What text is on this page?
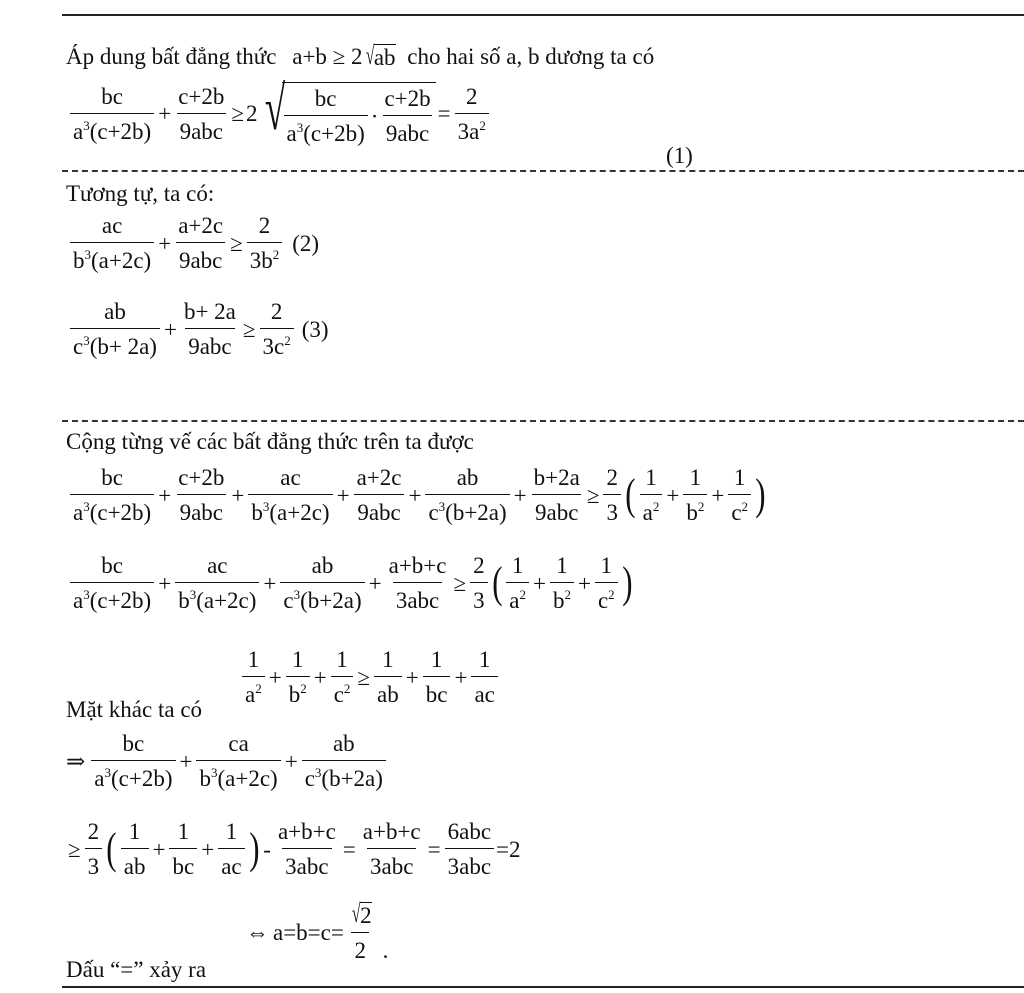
Áp dung bất đẳng thức a+b ≥ 2 √ ab cho hai số a, b dương ta có
$\frac{bc}{a^3(c+2b)} + \frac{c+2b}{\text{9abc}} \ge 2$ √
$\frac{bc}{a^3(c+2b)} \cdot \frac{c+2b}{\text{9abc}} = \frac{2}{3a^2}$
(1)
Tương tự, ta có:
$\frac{ac}{b^3(a+2c)} + \frac{a+2c}{\text{9abc}} \ge \frac{2}{3b^2} (2)$
$\frac{ab}{c^3(b+ 2a)} + \frac{b+ 2a}{\text{9abc}} \ge \frac{2}{3c^2} (3)$
Cộng từng vế các bất đẳng thức trên ta được
$\frac{bc}{a^3(c+2b)} + \frac{c+2b}{\text{9abc}} + \frac{ac}{b^3(a+2c)} + \frac{a+2c}{\text{9abc}} + \frac{ab}{c^3(b+2a)} + \frac{b+2a}{\text{9abc}} \ge \frac{2}{3}$ ( $\frac{1}{a^2} + \frac{1}{b^2} + \frac{1}{c^2}$ )
$\frac{bc}{a^3(c+2b)} + \frac{ac}{b^3(a+2c)} + \frac{ab}{c^3(b+2a)} + \frac{a+b+c}{\text{3abc}} \ge \frac{2}{3}$ ( $\frac{1}{a^2} + \frac{1}{b^2} + \frac{1}{c^2}$ )
Mặt khác ta có
$\frac{1}{a^2} + \frac{1}{b^2} + \frac{1}{c^2} \ge \frac{1}{ab} + \frac{1}{bc} + \frac{1}{ac}$
⇒ $\frac{bc}{a^3(c+2b)} + \frac{ca}{b^3(a+2c)} + \frac{ab}{c^3(b+2a)}$
≥ $\frac{2}{3}$ ( $\frac{1}{ab} + \frac{1}{bc} + \frac{1}{ac}$ ) - $\frac{a+b+c}{\text{3abc}} = \frac{a+b+c}{\text{3abc}} = \frac{\text{6abc}}{\text{3abc}} =2$
Dấu “=” xảy ra
⇔ $a=b=c= \frac{√ 2}{2}$ .
